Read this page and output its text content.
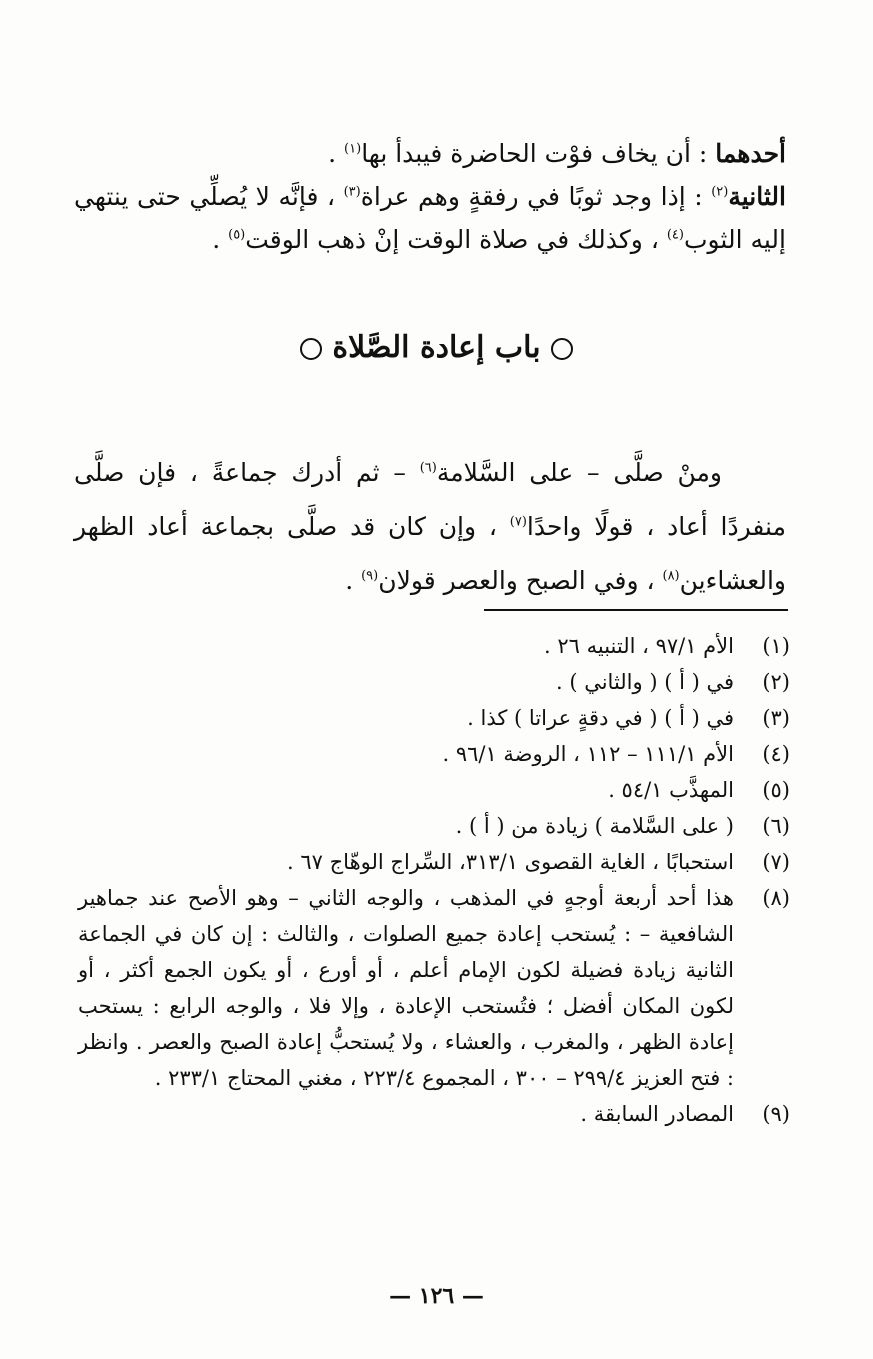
أحدهما : أن يخاف فوْت الحاضرة فيبدأ بها$^{(١)}$ .

الثانية$^{(٢)}$ : إذا وجد ثوبًا في رفقةٍ وهم عراة$^{(٣)}$ ، فإنَّه لا يُصلِّي حتى ينتهي إليه الثوب$^{(٤)}$ ، وكذلك في صلاة الوقت إنْ ذهب الوقت$^{(٥)}$ .

باب إعادة الصَّلاة

ومنْ صلَّى – على السَّلامة$^{(٦)}$ – ثم أدرك جماعةً ، فإن صلَّى منفردًا أعاد ، قولًا واحدًا$^{(٧)}$ ، وإن كان قد صلَّى بجماعة أعاد الظهر والعشاءين$^{(٨)}$ ، وفي الصبح والعصر قولان$^{(٩)}$ .

(١)
الأم ٩٧/١ ، التنبيه ٢٦ .
(٢)
في ( أ ) ( والثاني ) .
(٣)
في ( أ ) ( في دقةٍ عراتا ) كذا .
(٤)
الأم ١١١/١ – ١١٢ ، الروضة ٩٦/١ .
(٥)
المهذَّب ٥٤/١ .
(٦)
( على السَّلامة ) زيادة من ( أ ) .
(٧)
استحبابًا ، الغاية القصوى ٣١٣/١، السِّراج الوهّاج ٦٧ .
(٨)
هذا أحد أربعة أوجهٍ في المذهب ، والوجه الثاني – وهو الأصح عند جماهير الشافعية – : يُستحب إعادة جميع الصلوات ، والثالث : إن كان في الجماعة الثانية زيادة فضيلة لكون الإمام أعلم ، أو أورع ، أو يكون الجمع أكثر ، أو لكون المكان أفضل ؛ فتُستحب الإعادة ، وإلا فلا ، والوجه الرابع : يستحب إعادة الظهر ، والمغرب ، والعشاء ، ولا يُستحبُّ إعادة الصبح والعصر . وانظر : فتح العزيز ٢٩٩/٤ – ٣٠٠ ، المجموع ٢٢٣/٤ ، مغني المحتاج ٢٣٣/١ .
(٩)
المصادر السابقة .
— ١٢٦ —
